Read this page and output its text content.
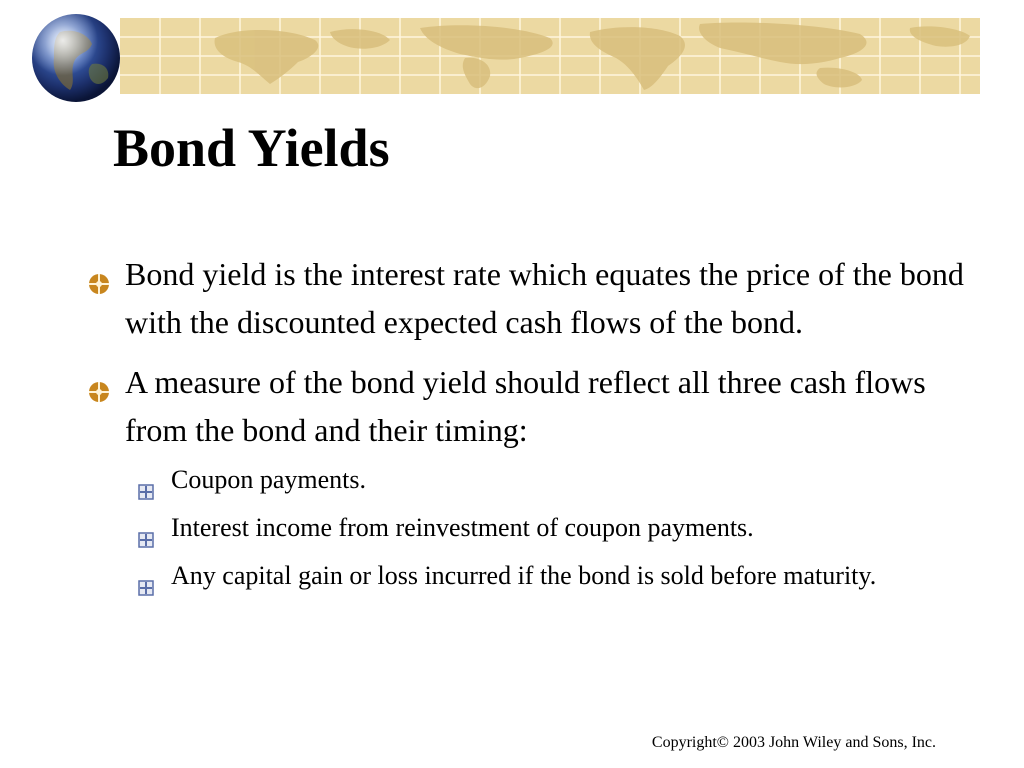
Bond Yields
Bond yield is the interest rate which equates the price of the bond with the discounted expected cash flows of the bond.
A measure of the bond yield should reflect all three cash flows from the bond and their timing:
Coupon payments.
Interest income from reinvestment of coupon payments.
Any capital gain or loss incurred if the bond is sold before maturity.
Copyright© 2003 John Wiley and Sons, Inc.
